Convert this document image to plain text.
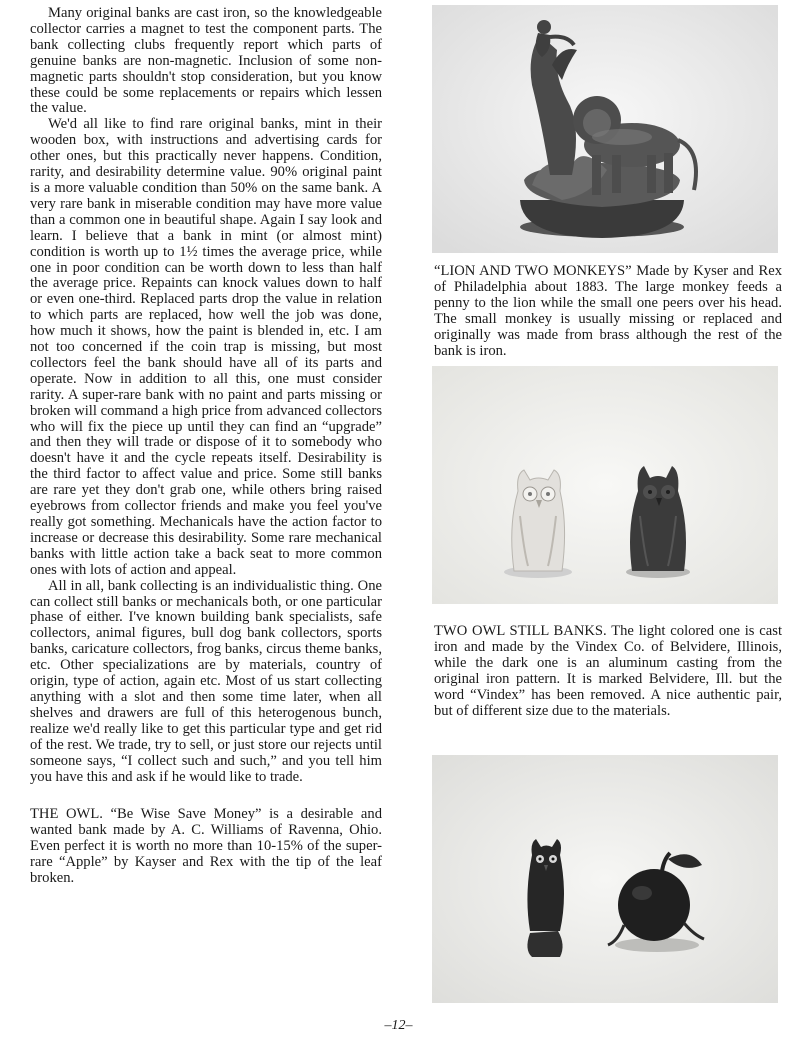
Many original banks are cast iron, so the knowledgeable collector carries a magnet to test the component parts. The bank collecting clubs frequently report which parts of genuine banks are non-magnetic. Inclusion of some non-magnetic parts shouldn't stop consideration, but you know these could be some replacements or repairs which lessen the value.

We'd all like to find rare original banks, mint in their wooden box, with instructions and advertising cards for other ones, but this practically never happens. Condition, rarity, and desirability determine value. 90% original paint is a more valuable condition than 50% on the same bank. A very rare bank in miserable condition may have more value than a common one in beautiful shape. Again I say look and learn. I believe that a bank in mint (or almost mint) condition is worth up to 1½ times the average price, while one in poor condition can be worth down to less than half the average price. Repaints can knock values down to half or even one-third. Replaced parts drop the value in relation to which parts are replaced, how well the job was done, how much it shows, how the paint is blended in, etc. I am not too concerned if the coin trap is missing, but most collectors feel the bank should have all of its parts and operate. Now in addition to all this, one must consider rarity. A super-rare bank with no paint and parts missing or broken will command a high price from advanced collectors who will fix the piece up until they can find an “upgrade” and then they will trade or dispose of it to somebody who doesn't have it and the cycle repeats itself. Desirability is the third factor to affect value and price. Some still banks are rare yet they don't grab one, while others bring raised eyebrows from collector friends and make you feel you've really got something. Mechanicals have the action factor to increase or decrease this desirability. Some rare mechanical banks with little action take a back seat to more common ones with lots of action and appeal.

All in all, bank collecting is an individualistic thing. One can collect still banks or mechanicals both, or one particular phase of either. I've known building bank specialists, safe collectors, animal figures, bull dog bank collectors, sports banks, caricature collectors, frog banks, circus theme banks, etc. Other specializations are by materials, country of origin, type of action, again etc. Most of us start collecting anything with a slot and then some time later, when all shelves and drawers are full of this heterogenous bunch, realize we'd really like to get this particular type and get rid of the rest. We trade, try to sell, or just store our rejects until someone says, “I collect such and such,” and you tell him you have this and ask if he would like to trade.

THE OWL. “Be Wise Save Money” is a desirable and wanted bank made by A. C. Williams of Ravenna, Ohio. Even perfect it is worth no more than 10-15% of the super-rare “Apple” by Kayser and Rex with the tip of the leaf broken.

“LION AND TWO MONKEYS” Made by Kyser and Rex of Philadelphia about 1883. The large monkey feeds a penny to the lion while the small one peers over his head. The small monkey is usually missing or replaced and originally was made from brass although the rest of the bank is iron.

TWO OWL STILL BANKS. The light colored one is cast iron and made by the Vindex Co. of Belvidere, Illinois, while the dark one is an aluminum casting from the original iron pattern. It is marked Belvidere, Ill. but the word “Vindex” has been removed. A nice authentic pair, but of different size due to the materials.

–12–
